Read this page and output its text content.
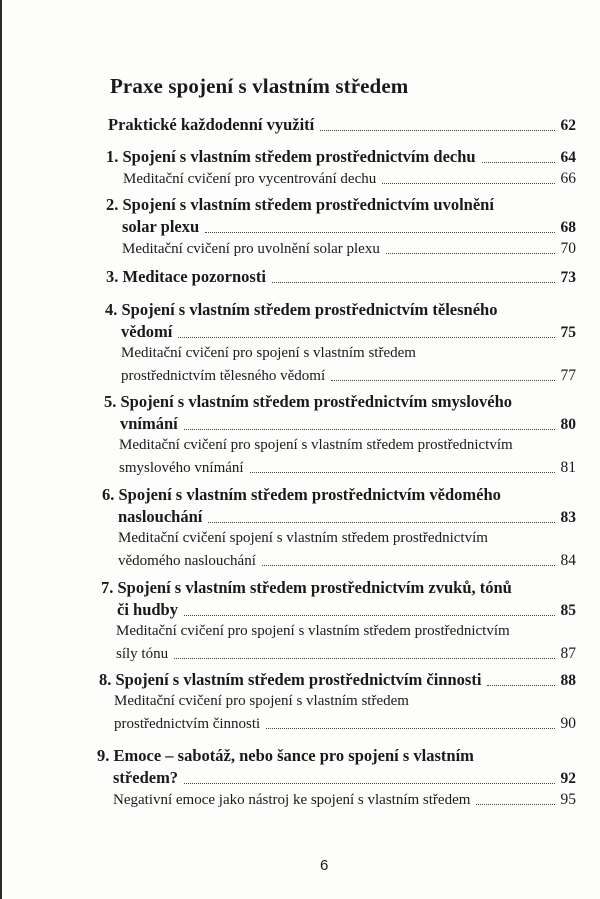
Praxe spojení s vlastním středem
Praktické každodenní využití	62
1. Spojení s vlastním středem prostřednictvím dechu	64
Meditační cvičení pro vycentrování dechu	66
2. Spojení s vlastním středem prostřednictvím uvolnění
solar plexu	68
Meditační cvičení pro uvolnění solar plexu	70
3. Meditace pozornosti	73
4. Spojení s vlastním středem prostřednictvím tělesného
vědomí	75
Meditační cvičení pro spojení s vlastním středem
prostřednictvím tělesného vědomí	77
5. Spojení s vlastním středem prostřednictvím smyslového
vnímání	80
Meditační cvičení pro spojení s vlastním středem prostřednictvím
smyslového vnímání	81
6. Spojení s vlastním středem prostřednictvím vědomého
naslouchání	83
Meditační cvičení spojení s vlastním středem prostřednictvím
vědomého naslouchání	84
7. Spojení s vlastním středem prostřednictvím zvuků, tónů
či hudby	85
Meditační cvičení pro spojení s vlastním středem prostřednictvím
síly tónu	87
8. Spojení s vlastním středem prostřednictvím činnosti	88
Meditační cvičení pro spojení s vlastním středem
prostřednictvím činnosti	90
9. Emoce – sabotáž, nebo šance pro spojení s vlastním
středem?	92
Negativní emoce jako nástroj ke spojení s vlastním středem	95
6
